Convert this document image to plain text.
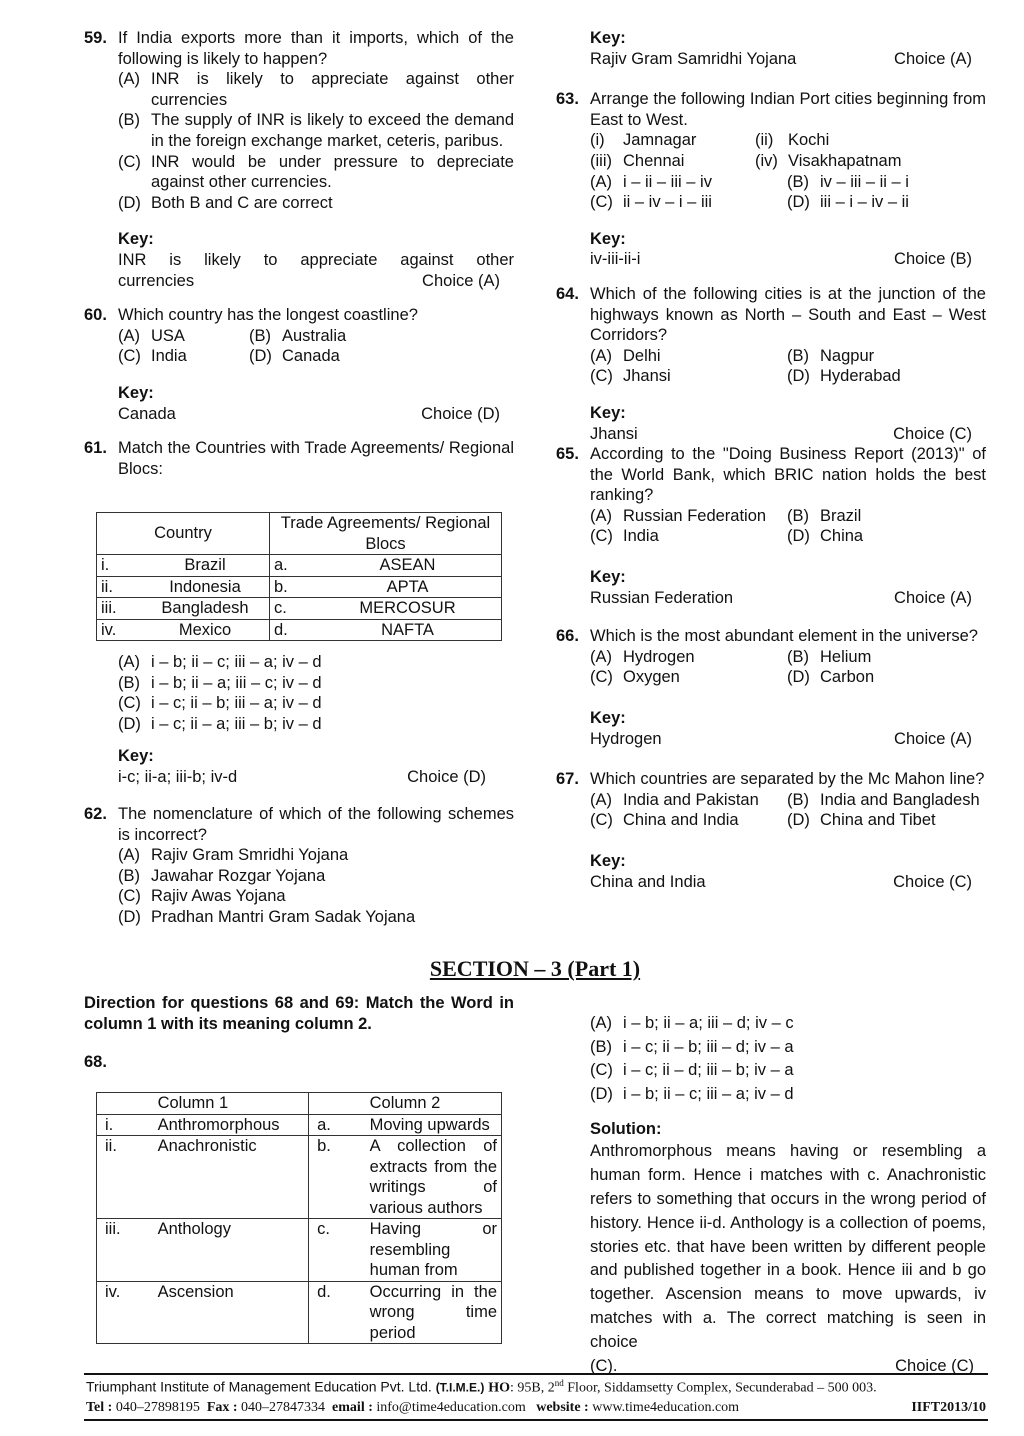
59. If India exports more than it imports, which of the following is likely to happen?
(A) INR is likely to appreciate against other currencies
(B) The supply of INR is likely to exceed the demand in the foreign exchange market, ceteris, paribus.
(C) INR would be under pressure to depreciate against other currencies.
(D) Both B and C are correct
Key:
INR is likely to appreciate against other
currencies	Choice (A)
60. Which country has the longest coastline?
(A) USA	(B) Australia
(C) India	(D) Canada
Key:
Canada	Choice (D)
61. Match the Countries with Trade Agreements/ Regional Blocs:
Country		Trade Agreements/ Regional Blocs	
i.	Brazil	a.	ASEAN
ii.	Indonesia	b.	APTA
iii.	Bangladesh	c.	MERCOSUR
iv.	Mexico	d.	NAFTA
(A) i – b; ii – c; iii – a; iv – d
(B) i – b; ii – a; iii – c; iv – d
(C) i – c; ii – b; iii – a; iv – d
(D) i – c; ii – a; iii – b; iv – d
Key:
i-c; ii-a; iii-b; iv-d	Choice (D)
62. The nomenclature of which of the following schemes is incorrect?
(A) Rajiv Gram Smridhi Yojana
(B) Jawahar Rozgar Yojana
(C) Rajiv Awas Yojana
(D) Pradhan Mantri Gram Sadak Yojana
Key:
Rajiv Gram Samridhi Yojana	Choice (A)
63. Arrange the following Indian Port cities beginning from East to West.
(i) Jamnagar	(ii) Kochi
(iii) Chennai	(iv) Visakhapatnam
(A) i – ii – iii – iv	(B) iv – iii – ii – i
(C) ii – iv – i – iii	(D) iii – i – iv – ii
Key:
iv-iii-ii-i	Choice (B)
64. Which of the following cities is at the junction of the highways known as North – South and East – West Corridors?
(A) Delhi	(B) Nagpur
(C) Jhansi	(D) Hyderabad
Key:
Jhansi	Choice (C)
65. According to the "Doing Business Report (2013)" of the World Bank, which BRIC nation holds the best ranking?
(A) Russian Federation	(B) Brazil
(C) India	(D) China
Key:
Russian Federation	Choice (A)
66. Which is the most abundant element in the universe?
(A) Hydrogen	(B) Helium
(C) Oxygen	(D) Carbon
Key:
Hydrogen	Choice (A)
67. Which countries are separated by the Mc Mahon line?
(A) India and Pakistan	(B) India and Bangladesh
(C) China and India	(D) China and Tibet
Key:
China and India	Choice (C)
SECTION – 3 (Part 1)
Direction for questions 68 and 69: Match the Word in column 1 with its meaning column 2.
68.
	Column 1		Column 2
i.	Anthromorphous	a.	Moving upwards
ii.	Anachronistic	b.	A collection of extracts from the writings of various authors
iii.	Anthology	c.	Having or resembling human from
iv.	Ascension	d.	Occurring in the wrong time period
(A) i – b; ii – a; iii – d; iv – c
(B) i – c; ii – b; iii – d; iv – a
(C) i – c; ii – d; iii – b; iv – a
(D) i – b; ii – c; iii – a; iv – d
Solution:
Anthromorphous means having or resembling a human form. Hence i matches with c. Anachronistic refers to something that occurs in the wrong period of history. Hence ii-d. Anthology is a collection of poems, stories etc. that have been written by different people and published together in a book. Hence iii and b go together. Ascension means to move upwards, iv matches with a. The correct matching is seen in choice
(C).	Choice (C)
Triumphant Institute of Management Education Pvt. Ltd. (T.I.M.E.) HO: 95B, 2nd Floor, Siddamsetty Complex, Secunderabad – 500 003.
Tel : 040–27898195 Fax : 040–27847334 email : info@time4education.com website : www.time4education.com	IIFT2013/10
